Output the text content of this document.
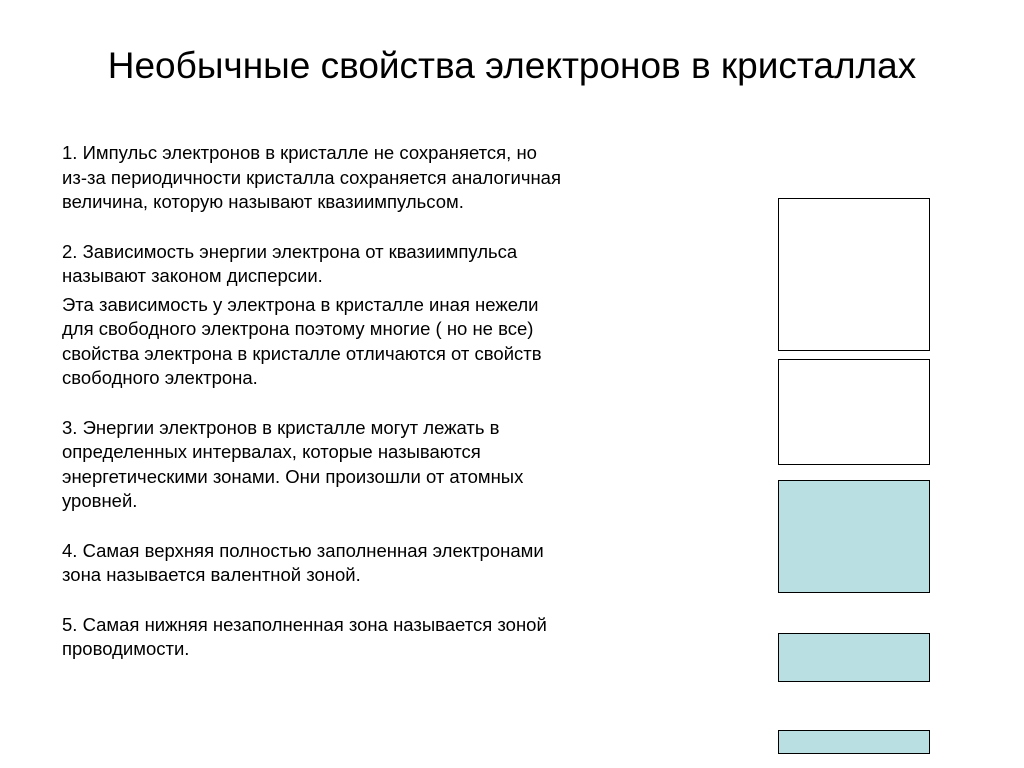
Необычные свойства электронов в кристаллах

1. Импульс электронов в кристалле не сохраняется, но
из-за периодичности кристалла сохраняется аналогичная
величина, которую называют квазиимпульсом.

2. Зависимость энергии электрона от квазиимпульса
называют законом дисперсии.

Эта зависимость у электрона в кристалле иная нежели
для свободного электрона поэтому многие ( но не все)
свойства электрона в кристалле отличаются от свойств
свободного электрона.

3. Энергии электронов в кристалле могут лежать в
определенных интервалах, которые называются
энергетическими зонами. Они произошли от атомных
уровней.

4. Самая верхняя полностью заполненная электронами
зона называется валентной зоной.

5. Самая нижняя незаполненная зона называется зоной
проводимости.
